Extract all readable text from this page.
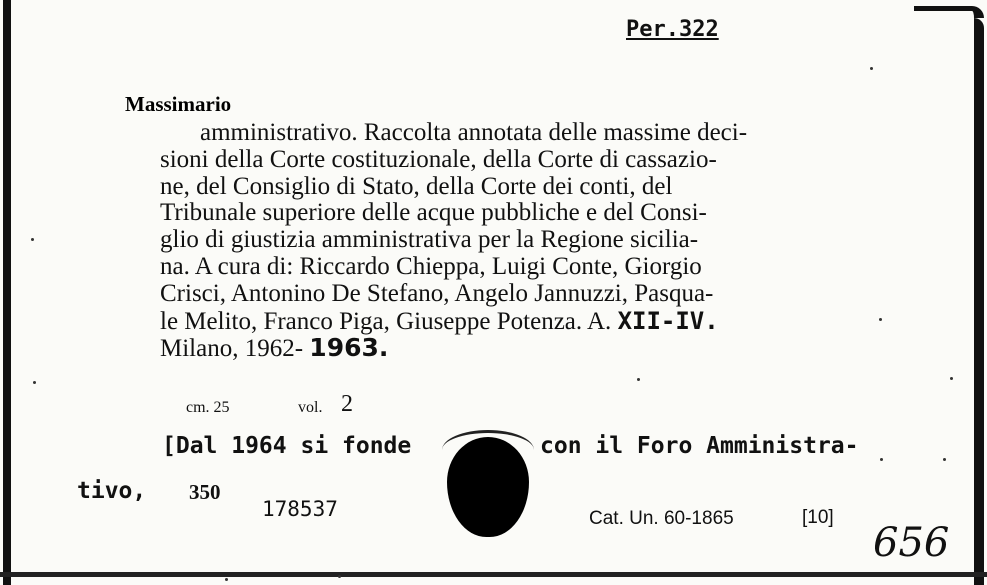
Per.322
Massimario
amministrativo. Raccolta annotata delle massime deci-
sioni della Corte costituzionale, della Corte di cassazio-
ne, del Consiglio di Stato, della Corte dei conti, del
Tribunale superiore delle acque pubbliche e del Consi-
glio di giustizia amministrativa per la Regione sicilia-
na. A cura di: Riccardo Chieppa, Luigi Conte, Giorgio
Crisci, Antonino De Stefano, Angelo Jannuzzi, Pasqua-
le Melito, Franco Piga, Giuseppe Potenza. A. XII-IV.
Milano, 1962- 1963.
cm. 25	vol. 2
[Dal 1964 si fonde	con il Foro Amministra-
tivo, 350
178537	Cat. Un. 60-1865	[10]
656
